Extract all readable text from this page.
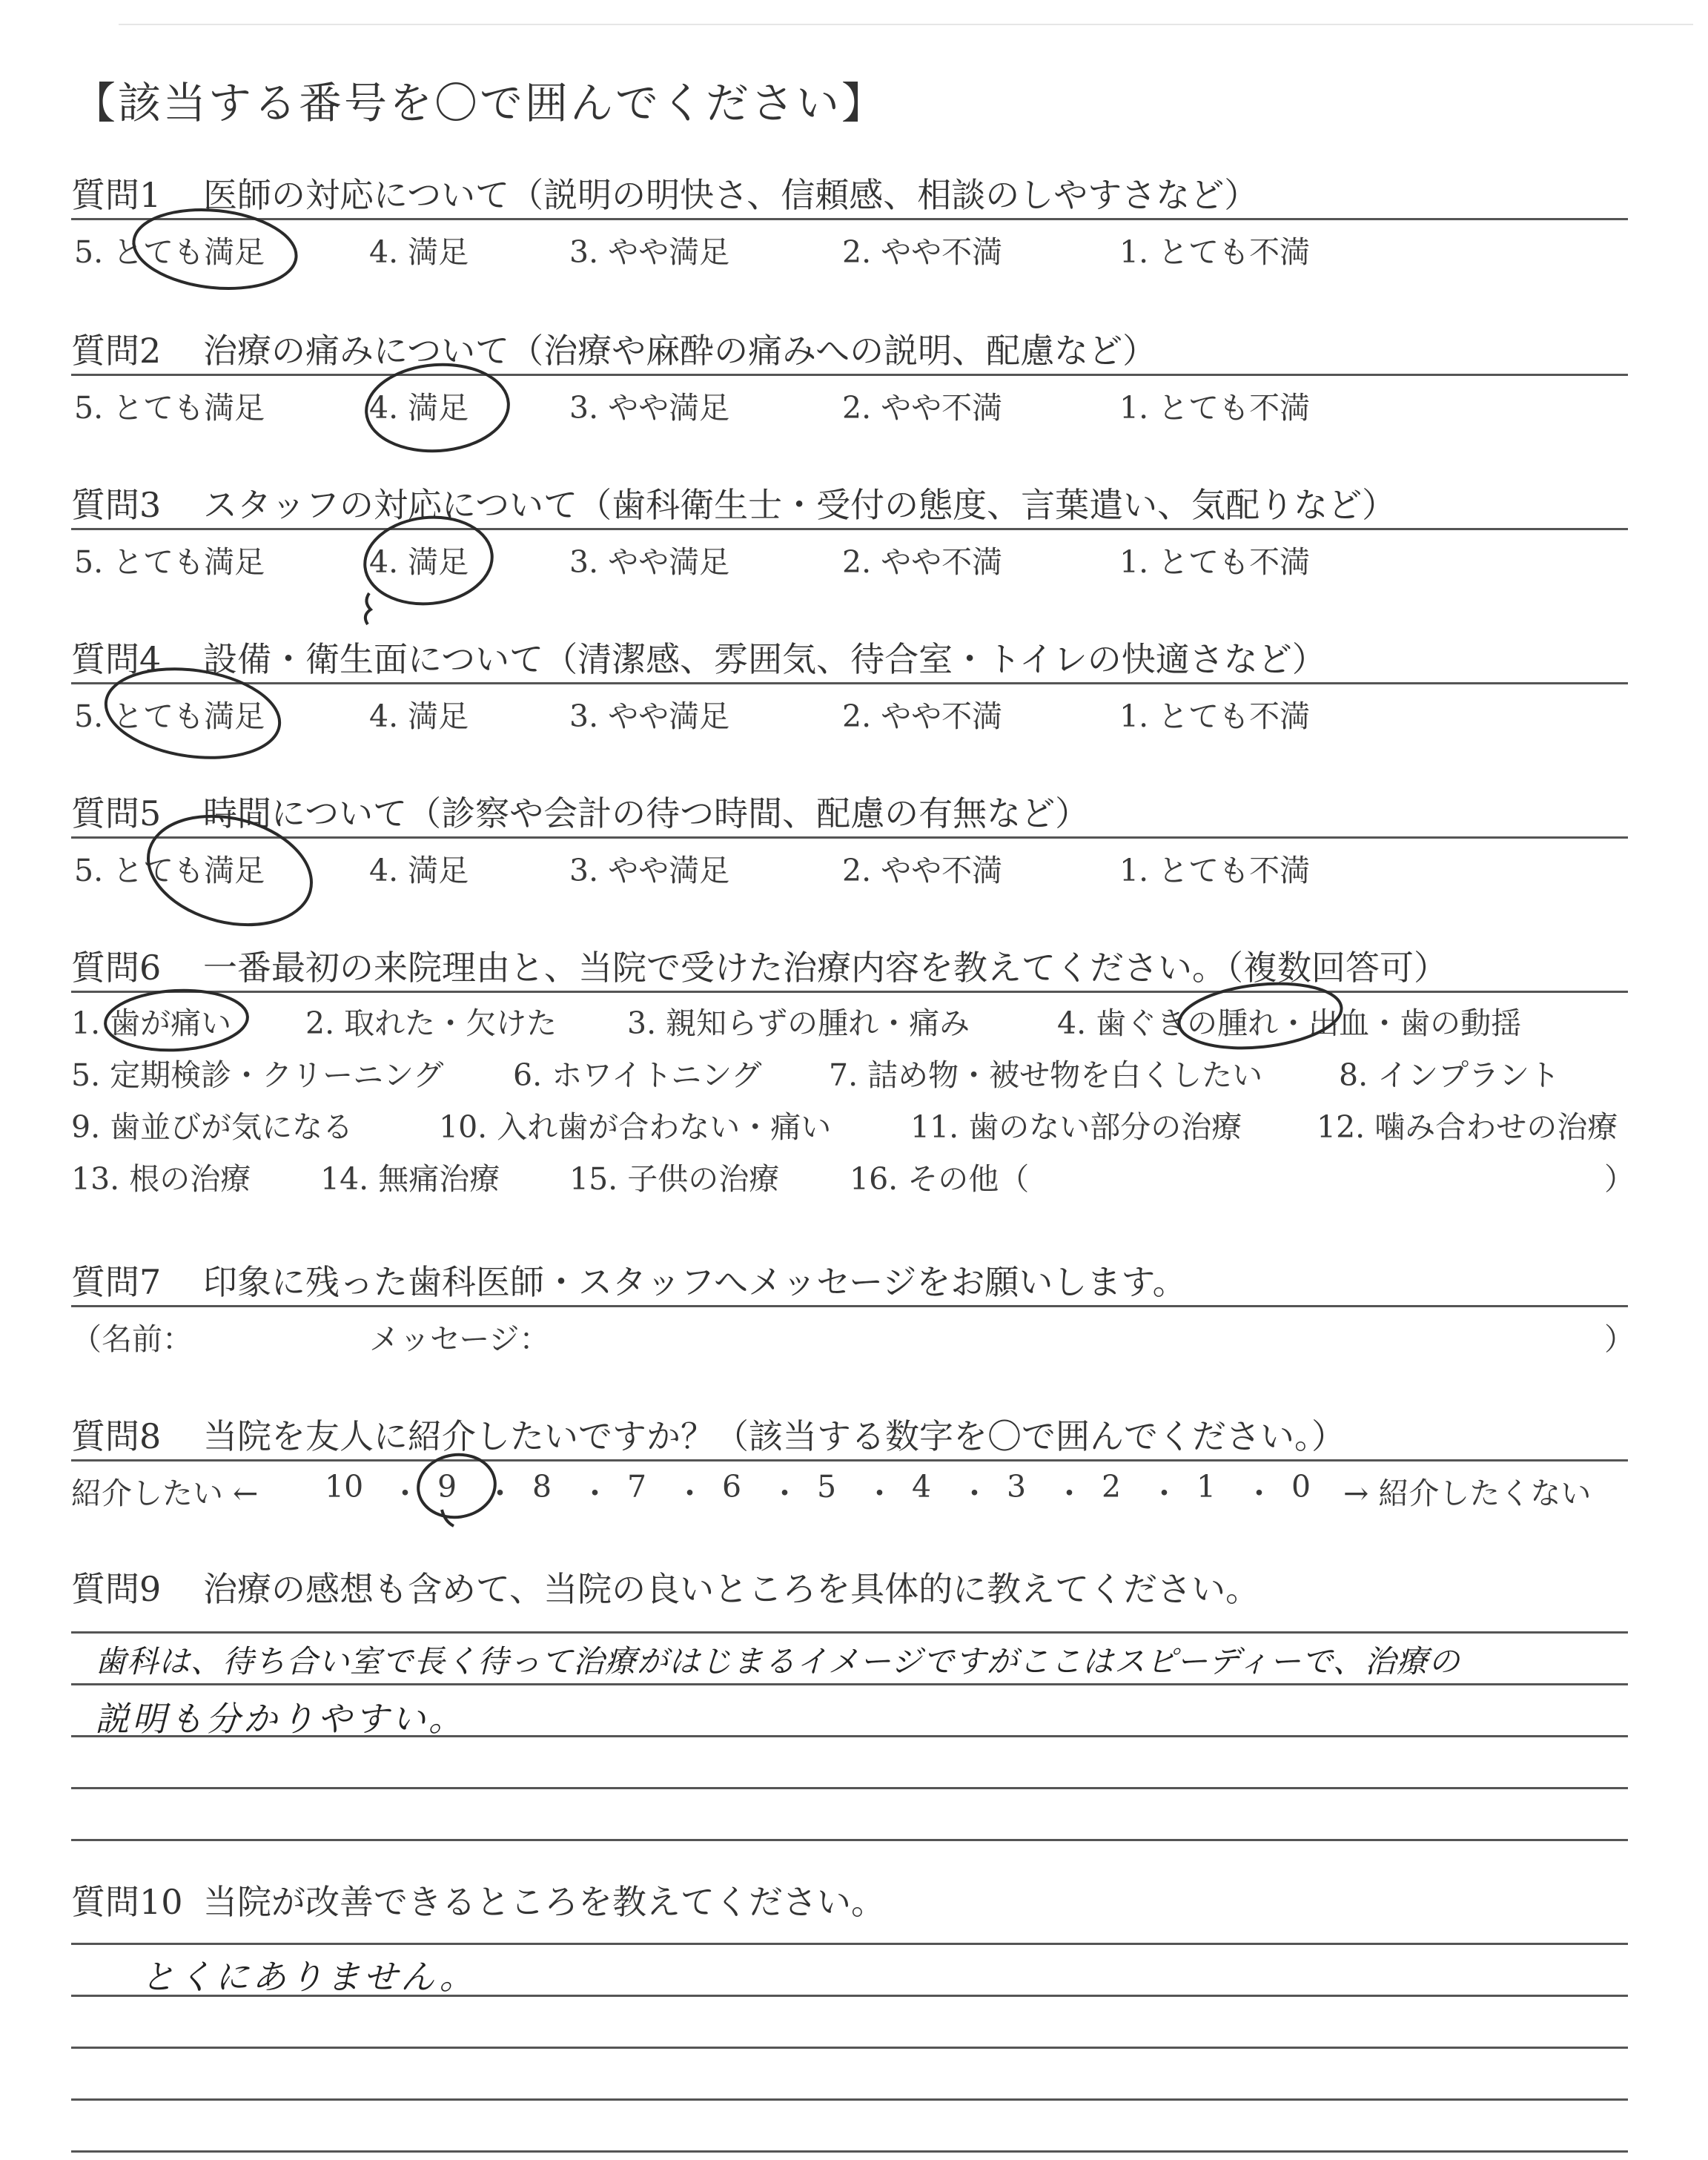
【該当する番号を〇で囲んでください】
質問1 医師の対応について（説明の明快さ、信頼感、相談のしやすさなど）
5. とても満足	4. 満足	3. やや満足	2. やや不満	1. とても不満
質問2 治療の痛みについて（治療や麻酔の痛みへの説明、配慮など）
5. とても満足	4. 満足	3. やや満足	2. やや不満	1. とても不満
質問3 スタッフの対応について（歯科衛生士・受付の態度、言葉遣い、気配りなど）
5. とても満足	4. 満足	3. やや満足	2. やや不満	1. とても不満
質問4 設備・衛生面について（清潔感、雰囲気、待合室・トイレの快適さなど）
5. とても満足	4. 満足	3. やや満足	2. やや不満	1. とても不満
質問5 時間について（診察や会計の待つ時間、配慮の有無など）
5. とても満足	4. 満足	3. やや満足	2. やや不満	1. とても不満
質問6 一番最初の来院理由と、当院で受けた治療内容を教えてください。（複数回答可）
1. 歯が痛い 2. 取れた・欠けた 3. 親知らずの腫れ・痛み	4. 歯ぐきの腫れ・出血・歯の動揺
5. 定期検診・クリーニング 6. ホワイトニング 7. 詰め物・被せ物を白くしたい	8. インプラント
9. 歯並びが気になる	10. 入れ歯が合わない・痛い	11. 歯のない部分の治療 12. 噛み合わせの治療
13. 根の治療 14. 無痛治療 15. 子供の治療 16. その他（	）
質問7 印象に残った歯科医師・スタッフへメッセージをお願いします。
（名前：	メッセージ：	）
質問8 当院を友人に紹介したいですか？（該当する数字を〇で囲んでください。）
紹介したい ← 10 ・ 9 ・ 8 ・ 7 ・ 6 ・ 5 ・ 4 ・ 3 ・ 2 ・ 1 ・ 0 → 紹介したくない
質問9 治療の感想も含めて、当院の良いところを具体的に教えてください。
歯科は、待ち合い室で長く待って治療がはじまるイメージですがここはスピーディーで、治療の
説明も分かりやすい。
質問10 当院が改善できるところを教えてください。
とくにありません。
